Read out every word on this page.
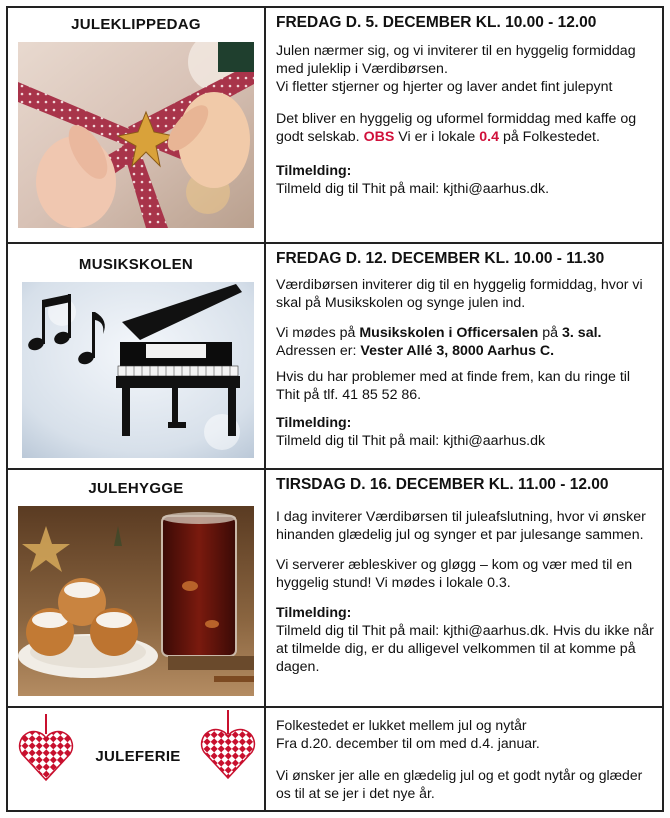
JULEKLIPPEDAG	FREDAG D. 5. DECEMBER KL. 10.00 - 12.00
Julen nærmer sig, og vi inviterer til en hyggelig formiddag med juleklip i Værdibørsen.
Vi fletter stjerner og hjerter og laver andet fint julepynt
Det bliver en hyggelig og uformel formiddag med kaffe og godt selskab. OBS Vi er i lokale 0.4 på Folkestedet.
Tilmelding:
Tilmeld dig til Thit på mail: kjthi@aarhus.dk.
MUSIKSKOLEN	FREDAG D. 12. DECEMBER KL. 10.00 - 11.30
Værdibørsen inviterer dig til en hyggelig formiddag, hvor vi skal på Musikskolen og synge julen ind.
Vi mødes på Musikskolen i Officersalen på 3. sal.
Adressen er: Vester Allé 3, 8000 Aarhus C.
Hvis du har problemer med at finde frem, kan du ringe til Thit på tlf. 41 85 52 86.
Tilmelding:
Tilmeld dig til Thit på mail: kjthi@aarhus.dk
JULEHYGGE	TIRSDAG D. 16. DECEMBER KL. 11.00 - 12.00
I dag inviterer Værdibørsen til juleafslutning, hvor vi ønsker hinanden glædelig jul og synger et par julesange sammen.
Vi serverer æbleskiver og gløgg – kom og vær med til en hyggelig stund! Vi mødes i lokale 0.3.
Tilmelding:
Tilmeld dig til Thit på mail: kjthi@aarhus.dk. Hvis du ikke når at tilmelde dig, er du alligevel velkommen til at komme på dagen.
JULEFERIE
Folkestedet er lukket mellem jul og nytår
Fra d.20. december til om med d.4. januar.
Vi ønsker jer alle en glædelig jul og et godt nytår og glæder os til at se jer i det nye år.
